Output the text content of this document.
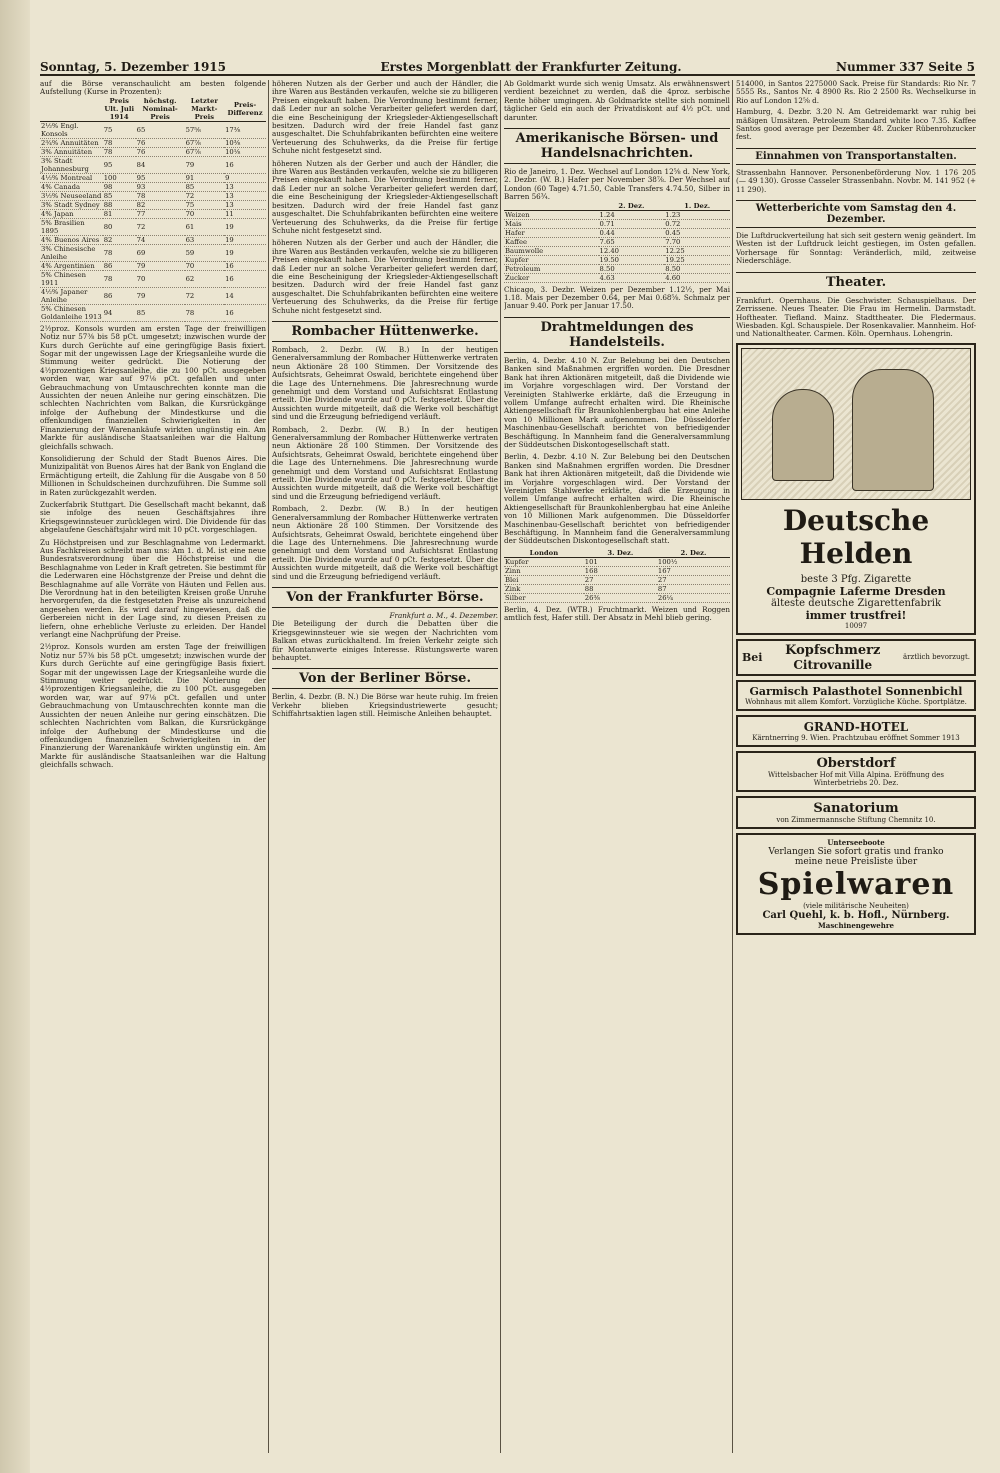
Sonntag, 5. Dezember 1915	Erstes Morgenblatt der Frankfurter Zeitung.	Nummer 337 Seite 5
auf die Börse veranschaulicht am besten folgende Aufstellung (Kurse in Prozenten):
	Preis Ult. Juli 1914	höchstg. Nominal-Preis	Letzter Markt-Preis	Preis-Differenz
2½% Engl. Konsols	75	65	57⅝	17⅜
2¾% Annuitäten	78	76	67⅞	10⅜
3% Annuitäten	78	76	67⅞	10⅛
3% Stadt Johannesburg	95	84	79	16
4½% Montreal	100	95	91	9
4% Canada	98	93	85	13
3½% Neuseeland	85	78	72	13
3% Stadt Sydney	88	82	75	13
4% Japan	81	77	70	11
5% Brasilien 1895	80	72	61	19
4% Buenos Aires	82	74	63	19
3% Chinesische Anleihe	78	69	59	19
4% Argentinien	86	79	70	16
5% Chinesen 1911	78	70	62	16
4½% Japaner Anleihe	86	79	72	14
5% Chinesen Goldanleihe 1913	94	85	78	16
2½proz. Konsols wurden am ersten Tage der freiwilligen Notiz nur 57⅜ bis 58 pCt. umgesetzt; inzwischen wurde der Kurs durch Gerüchte auf eine geringfügige Basis fixiert. Sogar mit der ungewissen Lage der Kriegsanleihe wurde die Stimmung weiter gedrückt. Die Notierung der 4½prozentigen Kriegsanleihe, die zu 100 pCt. ausgegeben worden war, war auf 97⅛ pCt. gefallen und unter Gebrauchmachung von Umtauschrechten konnte man die Aussichten der neuen Anleihe nur gering einschätzen. Die schlechten Nachrichten vom Balkan, die Kursrückgänge infolge der Aufhebung der Mindestkurse und die offenkundigen finanziellen Schwierigkeiten in der Finanzierung der Warenankäufe wirkten ungünstig ein. Am Markte für ausländische Staatsanleihen war die Haltung gleichfalls schwach.
Konsolidierung der Schuld der Stadt Buenos Aires. Die Munizipalität von Buenos Aires hat der Bank von England die Ermächtigung erteilt, die Zahlung für die Ausgabe von 8 50 Millionen in Schuldscheinen durchzuführen. Die Summe soll in Raten zurückgezahlt werden.
Zuckerfabrik Stuttgart. Die Gesellschaft macht bekannt, daß sie infolge des neuen Geschäftsjahres ihre Kriegsgewinnsteuer zurücklegen wird. Die Dividende für das abgelaufene Geschäftsjahr wird mit 10 pCt. vorgeschlagen.
Zu Höchstpreisen und zur Beschlagnahme von Ledermarkt. Aus Fachkreisen schreibt man uns: Am 1. d. M. ist eine neue Bundesratsverordnung über die Höchstpreise und die Beschlagnahme von Leder in Kraft getreten. Sie bestimmt für die Lederwaren eine Höchstgrenze der Preise und dehnt die Beschlagnahme auf alle Vorräte von Häuten und Fellen aus. Die Verordnung hat in den beteiligten Kreisen große Unruhe hervorgerufen, da die festgesetzten Preise als unzureichend angesehen werden. Es wird darauf hingewiesen, daß die Gerbereien nicht in der Lage sind, zu diesen Preisen zu liefern, ohne erhebliche Verluste zu erleiden. Der Handel verlangt eine Nachprüfung der Preise.
2½proz. Konsols wurden am ersten Tage der freiwilligen Notiz nur 57⅜ bis 58 pCt. umgesetzt; inzwischen wurde der Kurs durch Gerüchte auf eine geringfügige Basis fixiert. Sogar mit der ungewissen Lage der Kriegsanleihe wurde die Stimmung weiter gedrückt. Die Notierung der 4½prozentigen Kriegsanleihe, die zu 100 pCt. ausgegeben worden war, war auf 97⅛ pCt. gefallen und unter Gebrauchmachung von Umtauschrechten konnte man die Aussichten der neuen Anleihe nur gering einschätzen. Die schlechten Nachrichten vom Balkan, die Kursrückgänge infolge der Aufhebung der Mindestkurse und die offenkundigen finanziellen Schwierigkeiten in der Finanzierung der Warenankäufe wirkten ungünstig ein. Am Markte für ausländische Staatsanleihen war die Haltung gleichfalls schwach.
höheren Nutzen als der Gerber und auch der Händler, die ihre Waren aus Beständen verkaufen, welche sie zu billigeren Preisen eingekauft haben. Die Verordnung bestimmt ferner, daß Leder nur an solche Verarbeiter geliefert werden darf, die eine Bescheinigung der Kriegsleder-Aktiengesellschaft besitzen. Dadurch wird der freie Handel fast ganz ausgeschaltet. Die Schuhfabrikanten befürchten eine weitere Verteuerung des Schuhwerks, da die Preise für fertige Schuhe nicht festgesetzt sind.
höheren Nutzen als der Gerber und auch der Händler, die ihre Waren aus Beständen verkaufen, welche sie zu billigeren Preisen eingekauft haben. Die Verordnung bestimmt ferner, daß Leder nur an solche Verarbeiter geliefert werden darf, die eine Bescheinigung der Kriegsleder-Aktiengesellschaft besitzen. Dadurch wird der freie Handel fast ganz ausgeschaltet. Die Schuhfabrikanten befürchten eine weitere Verteuerung des Schuhwerks, da die Preise für fertige Schuhe nicht festgesetzt sind.
höheren Nutzen als der Gerber und auch der Händler, die ihre Waren aus Beständen verkaufen, welche sie zu billigeren Preisen eingekauft haben. Die Verordnung bestimmt ferner, daß Leder nur an solche Verarbeiter geliefert werden darf, die eine Bescheinigung der Kriegsleder-Aktiengesellschaft besitzen. Dadurch wird der freie Handel fast ganz ausgeschaltet. Die Schuhfabrikanten befürchten eine weitere Verteuerung des Schuhwerks, da die Preise für fertige Schuhe nicht festgesetzt sind.
Rombacher Hüttenwerke.
Rombach, 2. Dezbr. (W. B.) In der heutigen Generalversammlung der Rombacher Hüttenwerke vertraten neun Aktionäre 28 100 Stimmen. Der Vorsitzende des Aufsichtsrats, Geheimrat Oswald, berichtete eingehend über die Lage des Unternehmens. Die Jahresrechnung wurde genehmigt und dem Vorstand und Aufsichtsrat Entlastung erteilt. Die Dividende wurde auf 0 pCt. festgesetzt. Über die Aussichten wurde mitgeteilt, daß die Werke voll beschäftigt sind und die Erzeugung befriedigend verläuft.
Rombach, 2. Dezbr. (W. B.) In der heutigen Generalversammlung der Rombacher Hüttenwerke vertraten neun Aktionäre 28 100 Stimmen. Der Vorsitzende des Aufsichtsrats, Geheimrat Oswald, berichtete eingehend über die Lage des Unternehmens. Die Jahresrechnung wurde genehmigt und dem Vorstand und Aufsichtsrat Entlastung erteilt. Die Dividende wurde auf 0 pCt. festgesetzt. Über die Aussichten wurde mitgeteilt, daß die Werke voll beschäftigt sind und die Erzeugung befriedigend verläuft.
Rombach, 2. Dezbr. (W. B.) In der heutigen Generalversammlung der Rombacher Hüttenwerke vertraten neun Aktionäre 28 100 Stimmen. Der Vorsitzende des Aufsichtsrats, Geheimrat Oswald, berichtete eingehend über die Lage des Unternehmens. Die Jahresrechnung wurde genehmigt und dem Vorstand und Aufsichtsrat Entlastung erteilt. Die Dividende wurde auf 0 pCt. festgesetzt. Über die Aussichten wurde mitgeteilt, daß die Werke voll beschäftigt sind und die Erzeugung befriedigend verläuft.
Von der Frankfurter Börse.
Frankfurt a. M., 4. Dezember.
Die Beteiligung der durch die Debatten über die Kriegsgewinnsteuer wie sie wegen der Nachrichten vom Balkan etwas zurückhaltend. Im freien Verkehr zeigte sich für Montanwerte einiges Interesse. Rüstungswerte waren behauptet.
Von der Berliner Börse.
Berlin, 4. Dezbr. (B. N.) Die Börse war heute ruhig. Im freien Verkehr blieben Kriegsindustriewerte gesucht; Schiffahrtsaktien lagen still. Heimische Anleihen behauptet.
Ab Goldmarkt wurde sich wenig Umsatz. Als erwähnenswert verdient bezeichnet zu werden, daß die 4proz. serbische Rente höher umgingen. Ab Goldmarkte stellte sich nominell täglicher Geld ein auch der Privatdiskont auf 4½ pCt. und darunter.
Amerikanische Börsen- und Handelsnachrichten.
Rio de Janeiro, 1. Dez. Wechsel auf London 12⅝ d. New York, 2. Dezbr. (W. B.) Hafer per November 38⅞. Der Wechsel auf London (60 Tage) 4.71.50, Cable Transfers 4.74.50, Silber in Barren 56¾.
	2. Dez.	1. Dez.
Weizen	1.24	1.23
Mais	0.71	0.72
Hafer	0.44	0.45
Kaffee	7.65	7.70
Baumwolle	12.40	12.25
Kupfer	19.50	19.25
Petroleum	8.50	8.50
Zucker	4.63	4.60
Chicago, 3. Dezbr. Weizen per Dezember 1.12½, per Mai 1.18. Mais per Dezember 0.64, per Mai 0.68⅝. Schmalz per Januar 9.40. Pork per Januar 17.50.
Drahtmeldungen des Handelsteils.
Berlin, 4. Dezbr. 4.10 N. Zur Belebung bei den Deutschen Banken sind Maßnahmen ergriffen worden. Die Dresdner Bank hat ihren Aktionären mitgeteilt, daß die Dividende wie im Vorjahre vorgeschlagen wird. Der Vorstand der Vereinigten Stahlwerke erklärte, daß die Erzeugung in vollem Umfange aufrecht erhalten wird. Die Rheinische Aktiengesellschaft für Braunkohlenbergbau hat eine Anleihe von 10 Millionen Mark aufgenommen. Die Düsseldorfer Maschinenbau-Gesellschaft berichtet von befriedigender Beschäftigung. In Mannheim fand die Generalversammlung der Süddeutschen Diskontogesellschaft statt.
Berlin, 4. Dezbr. 4.10 N. Zur Belebung bei den Deutschen Banken sind Maßnahmen ergriffen worden. Die Dresdner Bank hat ihren Aktionären mitgeteilt, daß die Dividende wie im Vorjahre vorgeschlagen wird. Der Vorstand der Vereinigten Stahlwerke erklärte, daß die Erzeugung in vollem Umfange aufrecht erhalten wird. Die Rheinische Aktiengesellschaft für Braunkohlenbergbau hat eine Anleihe von 10 Millionen Mark aufgenommen. Die Düsseldorfer Maschinenbau-Gesellschaft berichtet von befriedigender Beschäftigung. In Mannheim fand die Generalversammlung der Süddeutschen Diskontogesellschaft statt.
London	3. Dez.	2. Dez.
Kupfer	101	100½
Zinn	168	167
Blei	27	27
Zink	88	87
Silber	26⅜	26¼
Berlin, 4. Dez. (WTB.) Fruchtmarkt. Weizen und Roggen amtlich fest, Hafer still. Der Absatz in Mehl blieb gering.
514000, in Santos 2275000 Sack. Preise für Standards: Rio Nr. 7 5555 Rs., Santos Nr. 4 8900 Rs. Rio 2 2500 Rs. Wechselkurse in Rio auf London 12⅝ d.
Hamburg, 4. Dezbr. 3.20 N. Am Getreidemarkt war ruhig bei mäßigen Umsätzen. Petroleum Standard white loco 7.35. Kaffee Santos good average per Dezember 48. Zucker Rübenrohzucker fest.
Einnahmen von Transportanstalten.
Strassenbahn Hannover. Personenbeförderung Nov. 1 176 205 (— 49 130). Grosse Casseler Strassenbahn. Novbr. M. 141 952 (+ 11 290).
Wetterberichte vom Samstag den 4. Dezember.
Die Luftdruckverteilung hat sich seit gestern wenig geändert. Im Westen ist der Luftdruck leicht gestiegen, im Osten gefallen. Vorhersage für Sonntag: Veränderlich, mild, zeitweise Niederschläge.
Theater.
Frankfurt. Opernhaus. Die Geschwister. Schauspielhaus. Der Zerrissene. Neues Theater. Die Frau im Hermelin. Darmstadt. Hoftheater. Tiefland. Mainz. Stadttheater. Die Fledermaus. Wiesbaden. Kgl. Schauspiele. Der Rosenkavalier. Mannheim. Hof- und Nationaltheater. Carmen. Köln. Opernhaus. Lohengrin.
Deutsche Helden
beste 3 Pfg. Zigarette
Compagnie Laferme Dresden
älteste deutsche Zigarettenfabrik
immer trustfrei!
10097
Bei Kopfschmerz
Citrovanille
ärztlich bevorzugt.
Garmisch Palasthotel Sonnenbichl
Wohnhaus mit allem Komfort. Vorzügliche Küche. Sportplätze.
GRAND-HOTEL
Kärntnerring 9. Wien. Prachtzubau eröffnet Sommer 1913
Oberstdorf
Wittelsbacher Hof mit Villa Alpina. Eröffnung des Winterbetriebs 20. Dez.
Sanatorium
von Zimmermannsche Stiftung Chemnitz 10.
Unterseeboote
Verlangen Sie sofort gratis und franko
meine neue Preisliste über
Spielwaren
(viele militärische Neuheiten)
Carl Quehl, k. b. Hofl., Nürnberg.
Maschinengewehre
